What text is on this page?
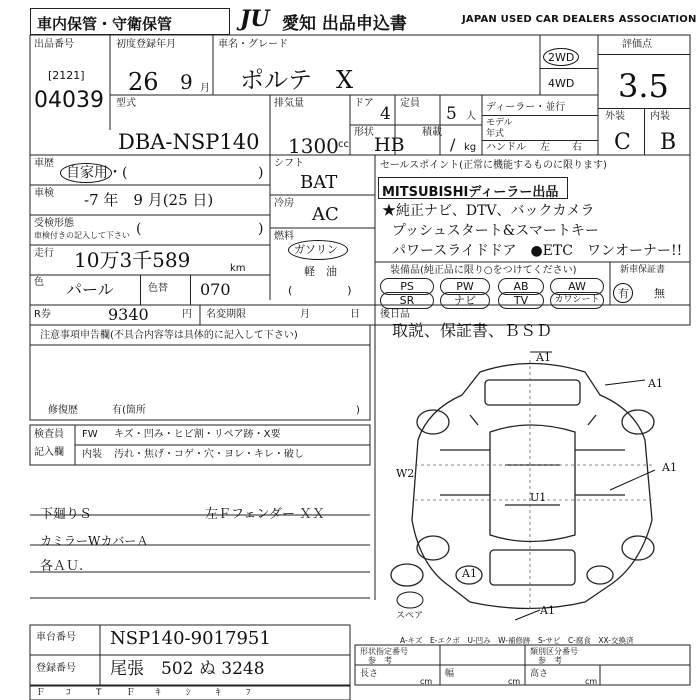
車内保管・守衛保管	JU 愛知 出品申込書	JAPAN USED CAR DEALERS ASSOCIATION
出品番号
[2121]
04039
初度登録年月
26 9 月
車名・グレード
ポルテ　X
2WD
4WD
評価点
3.5
外装	内装
C B
型式
DBA-NSP140
排気量
1300 cc
ドア
4
定員
5 人
形状
HB
積載
/ kg
ディーラー・並行
モデル年式
ハンドル 左 右
車歴
自家用・(	)
車検 -7 年　9 月(25 日)
受検形態
車検付きの記入して下さい (	)
走行 10万3千589	km
色 パール	色替 070
シフト
BAT
冷房
AC
燃料
ガソリン
軽　油
(　　　　　)
セールスポイント(正常に機能するものに限ります)
MITSUBISHIディーラー出品
★純正ナビ、DTV、バックカメラ
プッシュスタート&スマートキー
パワースライドドア　●ETC　ワンオーナー!!
装備品(純正品に限り○をつけてください)
PS	PW	AB	AW
SR	ナビ	TV	カワシート
新車保証書
有 無
R券	9340	円 名変期限	月	日 後日品
取説、保証書、ＢＳＤ
注意事項申告欄(不具合内容等は具体的に記入して下さい)
修復歴	有(箇所	)
検査員
記入欄
FW キズ・凹み・ヒビ割・リペア跡・X要
内装 汚れ・焦げ・コゲ・穴・ヨレ・キレ・破し
下廻りＳ
カミラーWカバーＡ
各ＡＵ.
左Ｆフェンダー ＸＸ
A1
A1
A1
U1
W2
A1
A1
スペア
A-キズ　E-エクボ　U-凹み　W-補修跡　S-サビ　C-腐食　XX-交換済
車台番号 NSP140-9017951
登録番号 尾張　502 ぬ 3248
形状指定番号
参　考
類別区分番号
参　考
長さ
cm
幅
cm
高さ
cm
Ｆ ｺ	T	Ｆ ｷ	ｼ	ｷ	ﾌ
